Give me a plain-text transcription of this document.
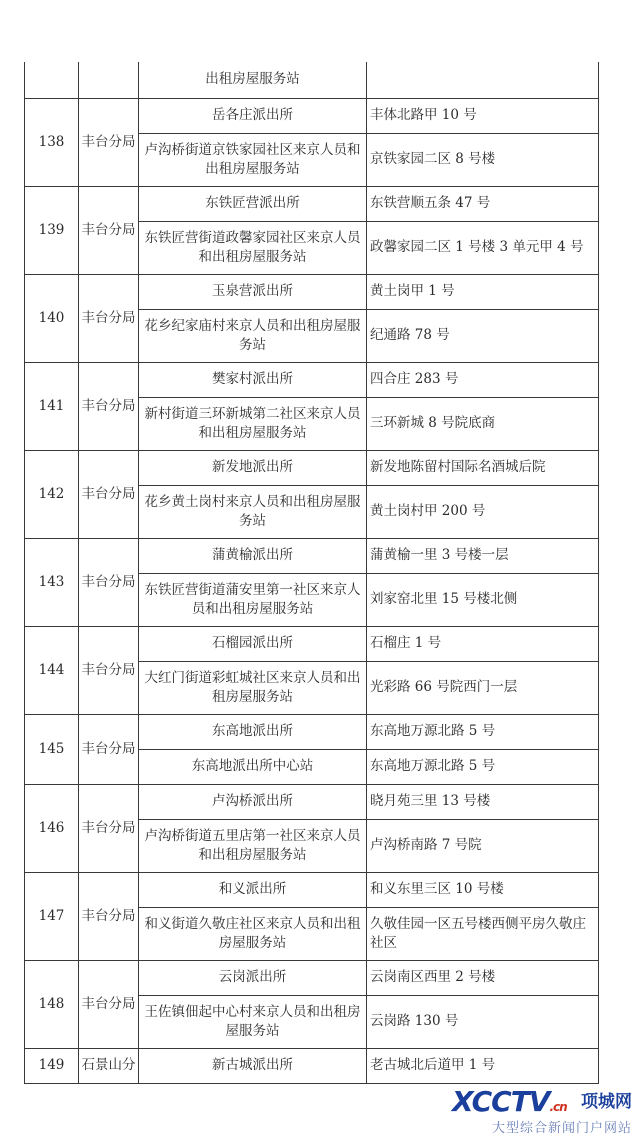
		出租房屋服务站	
138	丰台分局	岳各庄派出所	丰体北路甲 10 号
		卢沟桥街道京铁家园社区来京人员和出租房屋服务站	京铁家园二区 8 号楼
139	丰台分局	东铁匠营派出所	东铁营顺五条 47 号
		东铁匠营街道政馨家园社区来京人员和出租房屋服务站	政馨家园二区 1 号楼 3 单元甲 4 号
140	丰台分局	玉泉营派出所	黄土岗甲 1 号
		花乡纪家庙村来京人员和出租房屋服务站	纪通路 78 号
141	丰台分局	樊家村派出所	四合庄 283 号
		新村街道三环新城第二社区来京人员和出租房屋服务站	三环新城 8 号院底商
142	丰台分局	新发地派出所	新发地陈留村国际名酒城后院
		花乡黄土岗村来京人员和出租房屋服务站	黄土岗村甲 200 号
143	丰台分局	蒲黄榆派出所	蒲黄榆一里 3 号楼一层
		东铁匠营街道蒲安里第一社区来京人员和出租房屋服务站	刘家窑北里 15 号楼北侧
144	丰台分局	石榴园派出所	石榴庄 1 号
		大红门街道彩虹城社区来京人员和出租房屋服务站	光彩路 66 号院西门一层
145	丰台分局	东高地派出所	东高地万源北路 5 号
		东高地派出所中心站	东高地万源北路 5 号
146	丰台分局	卢沟桥派出所	晓月苑三里 13 号楼
		卢沟桥街道五里店第一社区来京人员和出租房屋服务站	卢沟桥南路 7 号院
147	丰台分局	和义派出所	和义东里三区 10 号楼
		和义街道久敬庄社区来京人员和出租房屋服务站	久敬佳园一区五号楼西侧平房久敬庄社区
148	丰台分局	云岗派出所	云岗南区西里 2 号楼
		王佐镇佃起中心村来京人员和出租房屋服务站	云岗路 130 号
149	石景山分	新古城派出所	老古城北后道甲 1 号
XCCTV.cn 项城网
大型综合新闻门户网站
